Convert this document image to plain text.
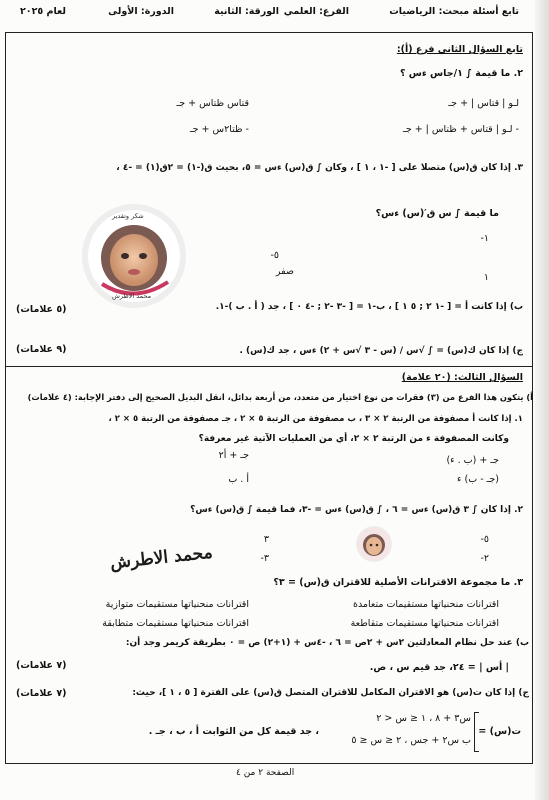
تابع أسئلة مبحث: الرياضيات
الفرع: العلمي
الورقة: الثانية
الدورة: الأولى
لعام ٢٠٢٥
تابع السؤال الثاني فرع (أ):
٢. ما قيمة ∫ ١/جاس ءس ؟
لـو | قتاس | + جـ
قتاس ظتاس + جـ
- لـو | قتاس + ظتاس | + جـ
- ظتا٢س + جـ
٣. إذا كان ق(س) متصلا على [ -١ ، ١ ] ، وكان ∫ ق(س) ءس = ٥، بحيث ق(-١) = ٢ق(١) = -٤ ،
ما قيمة ∫ س ق′(س) ءس؟
١-
٥-
١
صفر
ب) إذا كانت أ = [ -١ ٢ ; ٥ ١ ] ، ب-١ = [ -٣ -٢ ; -٤ ٠ ] ، جد ( أ . ب )-١.
(٥ علامات)
ج) إذا كان ك(س) = ∫ √س / (س - ٣ √س + ٢) ءس ، جد ك(س) .
(٩ علامات)
السؤال الثالث: (٢٠ علامة)
أ) يتكون هذا الفرع من (٣) فقرات من نوع اختيار من متعدد، من أربعة بدائل، انقل البديل الصحيح إلى دفتر الإجابة: (٤ علامات)
١. إذا كانت أ مصفوفة من الرتبة ٢ × ٣ ، ب مصفوفة من الرتبة ٥ × ٢ ، جـ مصفوفة من الرتبة ٥ × ٢ ،
وكانت المصفوفة ء من الرتبة ٢ × ٢، أي من العمليات الآتية غير معرفة؟
جـ + (ب . ء)
جـ + أ٢
(جـ - ب) ء
أ . ب
٢. إذا كان ∫ ٣ ق(س) ءس = ٦ ، ∫ ق(س) ءس = -٣، فما قيمة ∫ ق(س) ءس؟
٥-
٣
٢-
٣-
٣. ما مجموعة الاقترانات الأصلية للاقتران ق(س) = ٣؟
اقترانات منحنياتها مستقيمات متعامدة
اقترانات منحنياتها مستقيمات متوازية
اقترانات منحنياتها مستقيمات متقاطعة
اقترانات منحنياتها مستقيمات متطابقة
ب) عند حل نظام المعادلتين ٢س + ٢ص = ٦ ، -٤س + (١+٢) ص = ٠ بطريقة كريمر وجد أن:
| أس | = ٢٤، جد قيم س ، ص.
(٧ علامات)
ج) إذا كان ت(س) هو الاقتران المكامل للاقتران المتصل ق(س) على الفترة [ ٥ ، ١ ]، حيث:
(٧ علامات)
ت(س) =
س٣ + ٨ ، ١ ≤ س < ٢
ب س٢ + جس ، ٢ ≤ س ≤ ٥
، جد قيمة كل من الثوابت أ ، ب ، جـ .
الصفحة ٢ من ٤
شكر وتقدير
محمد الاطرش
محمد الاطرش
